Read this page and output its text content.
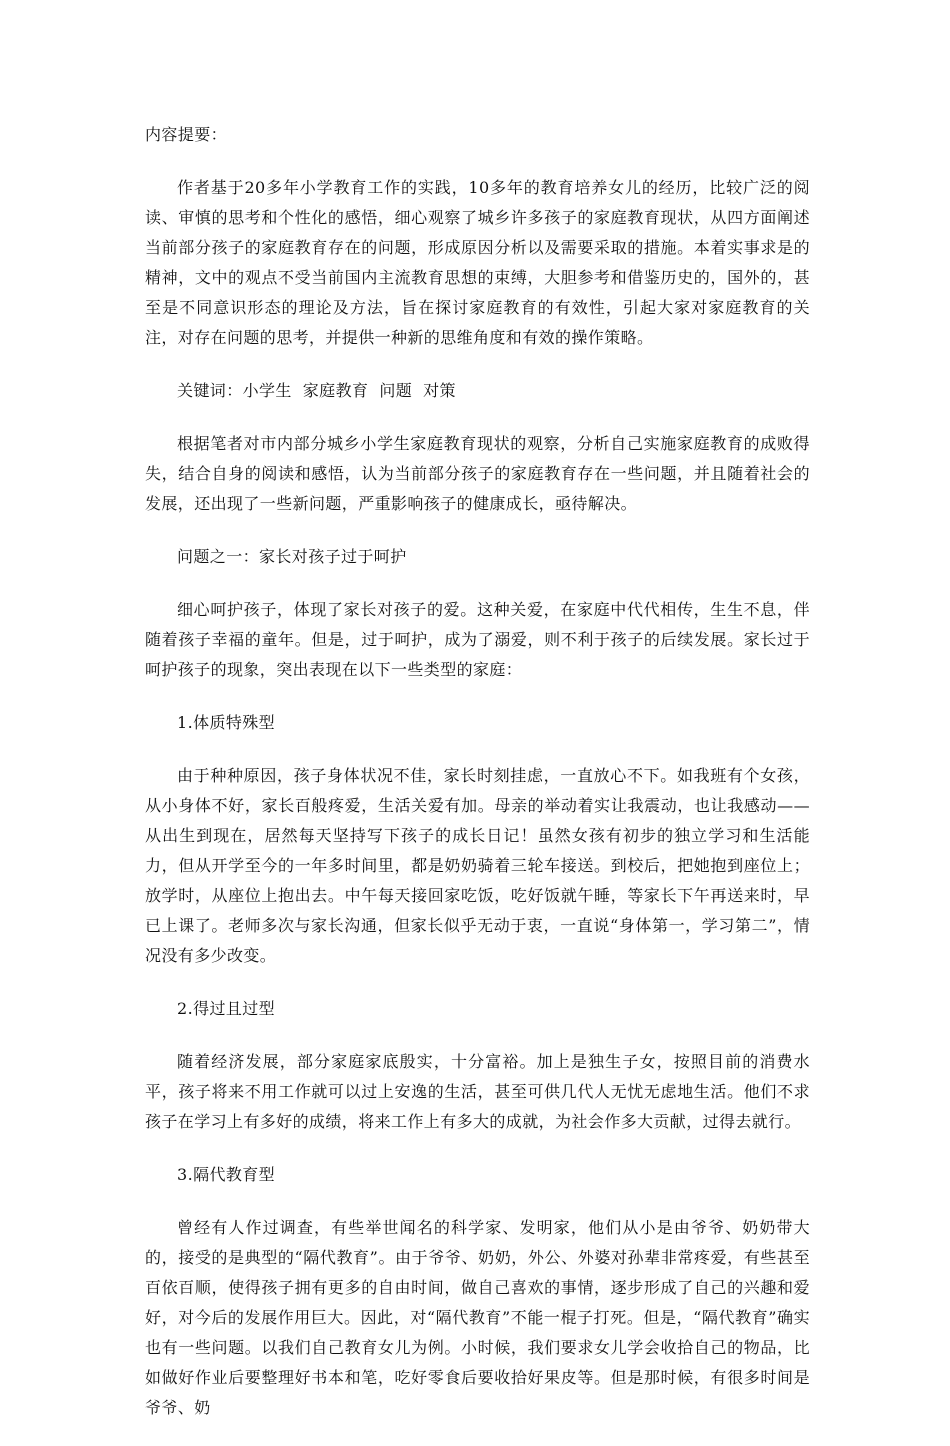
内容提要：

作者基于20多年小学教育工作的实践，10多年的教育培养女儿的经历，比较广泛的阅读、审慎的思考和个性化的感悟，细心观察了城乡许多孩子的家庭教育现状，从四方面阐述当前部分孩子的家庭教育存在的问题，形成原因分析以及需要采取的措施。本着实事求是的精神，文中的观点不受当前国内主流教育思想的束缚，大胆参考和借鉴历史的，国外的，甚至是不同意识形态的理论及方法，旨在探讨家庭教育的有效性，引起大家对家庭教育的关注，对存在问题的思考，并提供一种新的思维角度和有效的操作策略。

关键词：小学生  家庭教育  问题  对策

根据笔者对市内部分城乡小学生家庭教育现状的观察，分析自己实施家庭教育的成败得失，结合自身的阅读和感悟，认为当前部分孩子的家庭教育存在一些问题，并且随着社会的发展，还出现了一些新问题，严重影响孩子的健康成长，亟待解决。

问题之一：家长对孩子过于呵护

细心呵护孩子，体现了家长对孩子的爱。这种关爱，在家庭中代代相传，生生不息，伴随着孩子幸福的童年。但是，过于呵护，成为了溺爱，则不利于孩子的后续发展。家长过于呵护孩子的现象，突出表现在以下一些类型的家庭：

1.体质特殊型

由于种种原因，孩子身体状况不佳，家长时刻挂虑，一直放心不下。如我班有个女孩，从小身体不好，家长百般疼爱，生活关爱有加。母亲的举动着实让我震动，也让我感动——从出生到现在，居然每天坚持写下孩子的成长日记！虽然女孩有初步的独立学习和生活能力，但从开学至今的一年多时间里，都是奶奶骑着三轮车接送。到校后，把她抱到座位上；放学时，从座位上抱出去。中午每天接回家吃饭，吃好饭就午睡，等家长下午再送来时，早已上课了。老师多次与家长沟通，但家长似乎无动于衷，一直说“身体第一，学习第二”，情况没有多少改变。

2.得过且过型

随着经济发展，部分家庭家底殷实，十分富裕。加上是独生子女，按照目前的消费水平，孩子将来不用工作就可以过上安逸的生活，甚至可供几代人无忧无虑地生活。他们不求孩子在学习上有多好的成绩，将来工作上有多大的成就，为社会作多大贡献，过得去就行。

3.隔代教育型

曾经有人作过调查，有些举世闻名的科学家、发明家，他们从小是由爷爷、奶奶带大的，接受的是典型的“隔代教育”。由于爷爷、奶奶，外公、外婆对孙辈非常疼爱，有些甚至百依百顺，使得孩子拥有更多的自由时间，做自己喜欢的事情，逐步形成了自己的兴趣和爱好，对今后的发展作用巨大。因此，对“隔代教育”不能一棍子打死。但是，“隔代教育”确实也有一些问题。以我们自己教育女儿为例。小时候，我们要求女儿学会收拾自己的物品，比如做好作业后要整理好书本和笔，吃好零食后要收拾好果皮等。但是那时候，有很多时间是爷爷、奶
